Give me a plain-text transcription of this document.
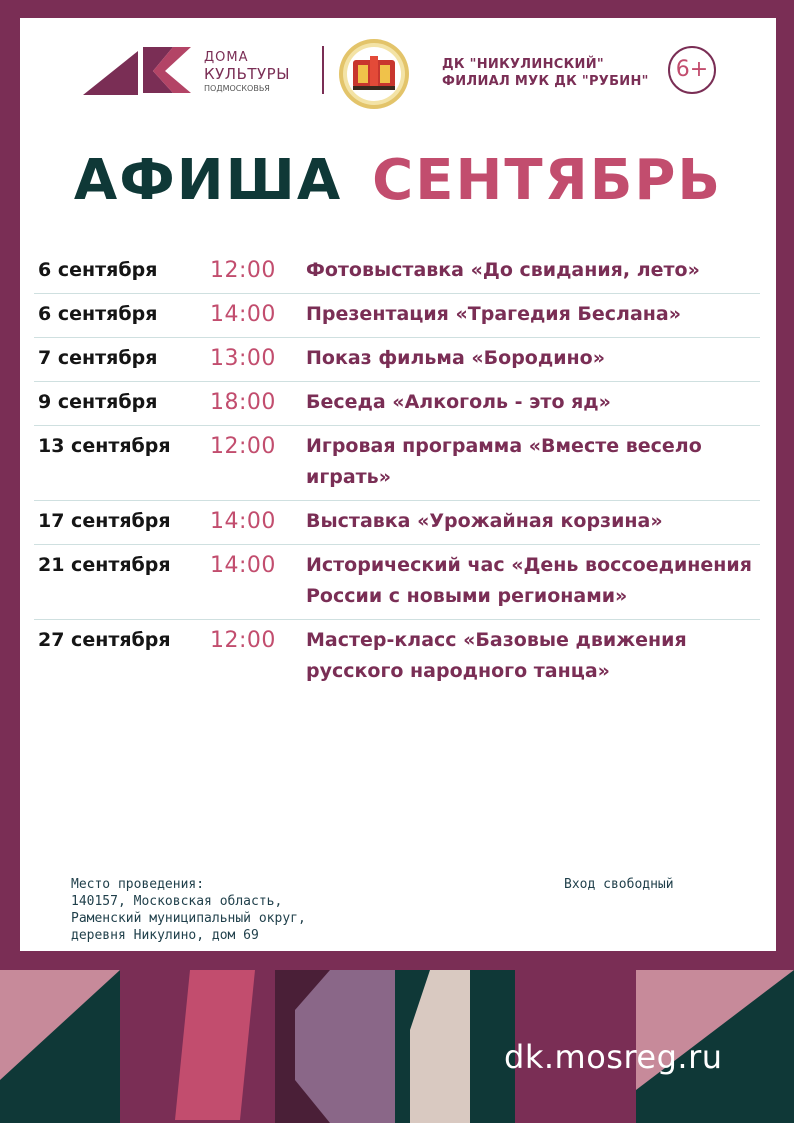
ДОМА
КУЛЬТУРЫ
ПОДМОСКОВЬЯ
ДК "НИКУЛИНСКИЙ"
ФИЛИАЛ МУК ДК "РУБИН"	6+
АФИША СЕНТЯБРЬ
6 сентября	12:00	Фотовыставка «До свидания, лето»
6 сентября	14:00	Презентация «Трагедия Беслана»
7 сентября	13:00	Показ фильма «Бородино»
9 сентября	18:00	Беседа «Алкоголь - это яд»
13 сентября	12:00	Игровая программа «Вместе весело играть»
17 сентября	14:00	Выставка «Урожайная корзина»
21 сентября	14:00	Исторический час «День воссоединения России с новыми регионами»
27 сентября	12:00	Мастер-класс «Базовые движения русского народного танца»
Место проведения:
140157, Московская область,
Раменский муниципальный округ,
деревня Никулино, дом 69
Вход свободный
dk.mosreg.ru
